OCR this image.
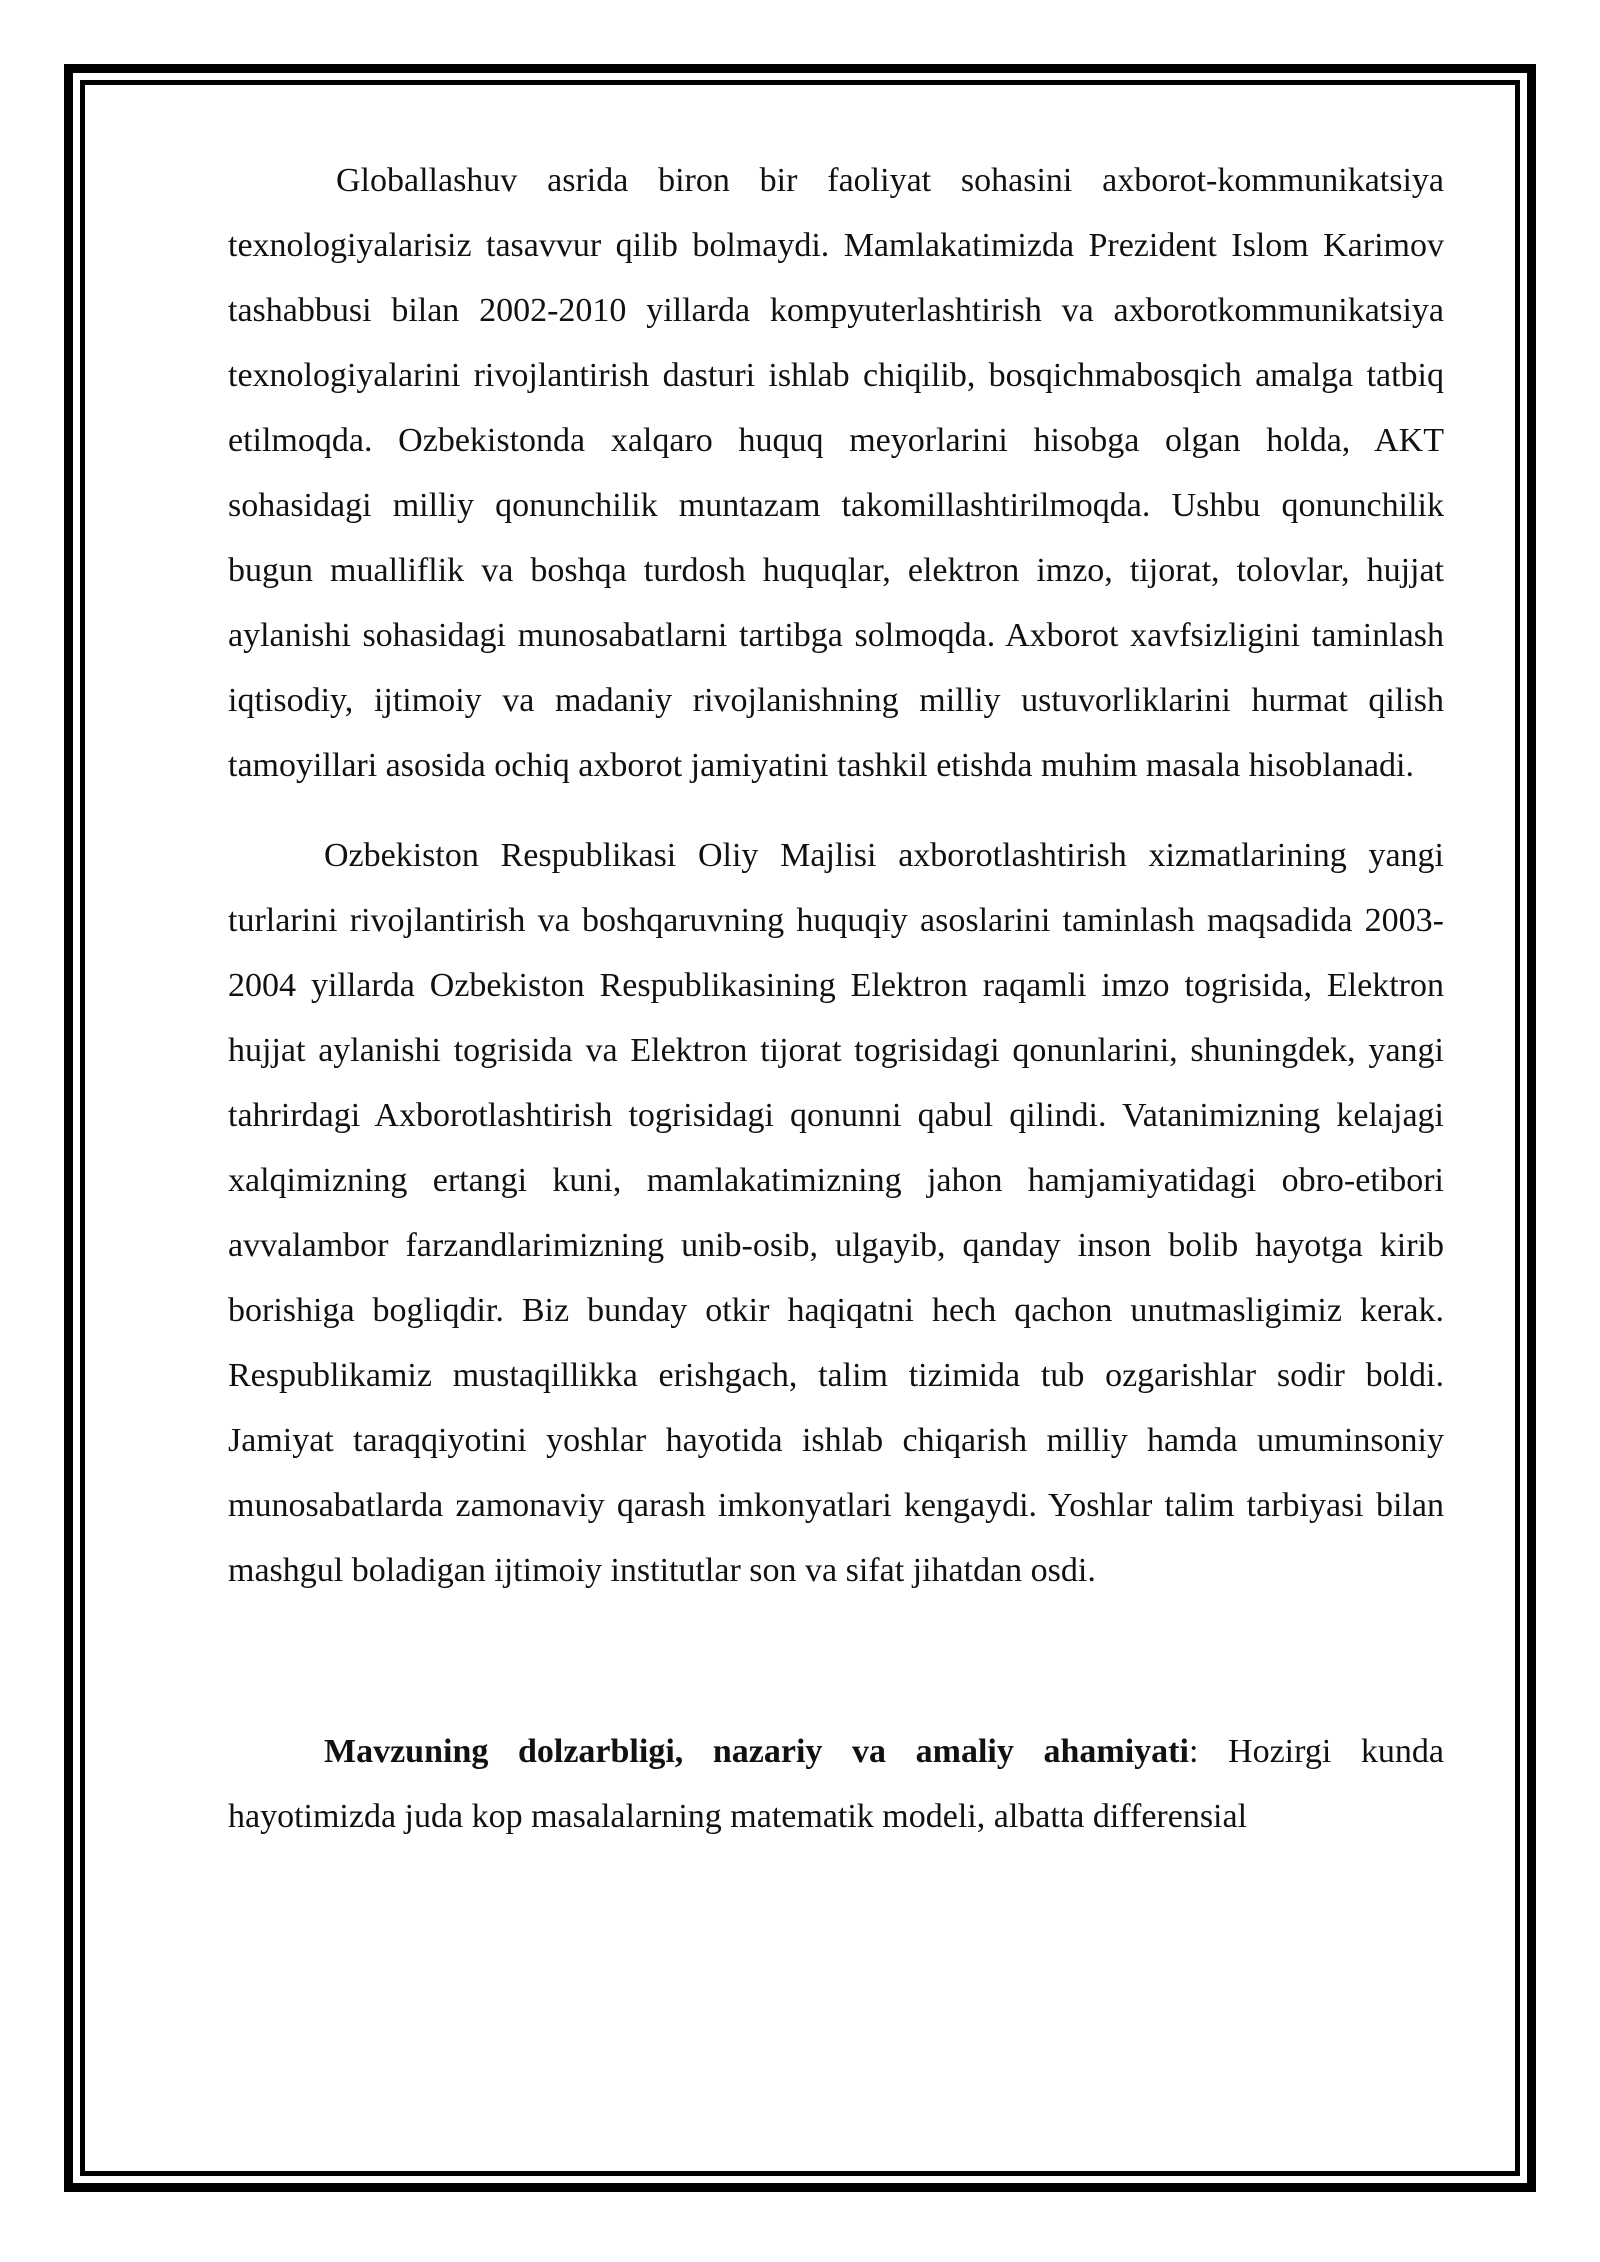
Globallashuv asrida biron bir faoliyat sohasini axborot-kommunikatsiya texnologiyalarisiz tasavvur qilib bolmaydi. Mamlakatimizda Prezident Islom Karimov tashabbusi bilan 2002-2010 yillarda kompyuterlashtirish va axborotkommunikatsiya texnologiyalarini rivojlantirish dasturi ishlab chiqilib, bosqichmabosqich amalga tatbiq etilmoqda. Ozbekistonda xalqaro huquq meyorlarini hisobga olgan holda, AKT sohasidagi milliy qonunchilik muntazam takomillashtirilmoqda. Ushbu qonunchilik bugun mualliflik va boshqa turdosh huquqlar, elektron imzo, tijorat, tolovlar, hujjat aylanishi sohasidagi munosabatlarni tartibga solmoqda. Axborot xavfsizligini taminlash iqtisodiy, ijtimoiy va madaniy rivojlanishning milliy ustuvorliklarini hurmat qilish tamoyillari asosida ochiq axborot jamiyatini tashkil etishda muhim masala hisoblanadi.

Ozbekiston Respublikasi Oliy Majlisi axborotlashtirish xizmatlarining yangi turlarini rivojlantirish va boshqaruvning huquqiy asoslarini taminlash maqsadida 2003-2004 yillarda Ozbekiston Respublikasining Elektron raqamli imzo togrisida, Elektron hujjat aylanishi togrisida va Elektron tijorat togrisidagi qonunlarini, shuningdek, yangi tahrirdagi Axborotlashtirish togrisidagi qonunni qabul qilindi. Vatanimizning kelajagi xalqimizning ertangi kuni, mamlakatimizning jahon hamjamiyatidagi obro-etibori avvalambor farzandlarimizning unib-osib, ulgayib, qanday inson bolib hayotga kirib borishiga bogliqdir. Biz bunday otkir haqiqatni hech qachon unutmasligimiz kerak. Respublikamiz mustaqillikka erishgach, talim tizimida tub ozgarishlar sodir boldi. Jamiyat taraqqiyotini yoshlar hayotida ishlab chiqarish milliy hamda umuminsoniy munosabatlarda zamonaviy qarash imkonyatlari kengaydi. Yoshlar talim tarbiyasi bilan mashgul boladigan ijtimoiy institutlar son va sifat jihatdan osdi.

Mavzuning dolzarbligi, nazariy va amaliy ahamiyati: Hozirgi kunda hayotimizda juda kop masalalarning matematik modeli, albatta differensial
